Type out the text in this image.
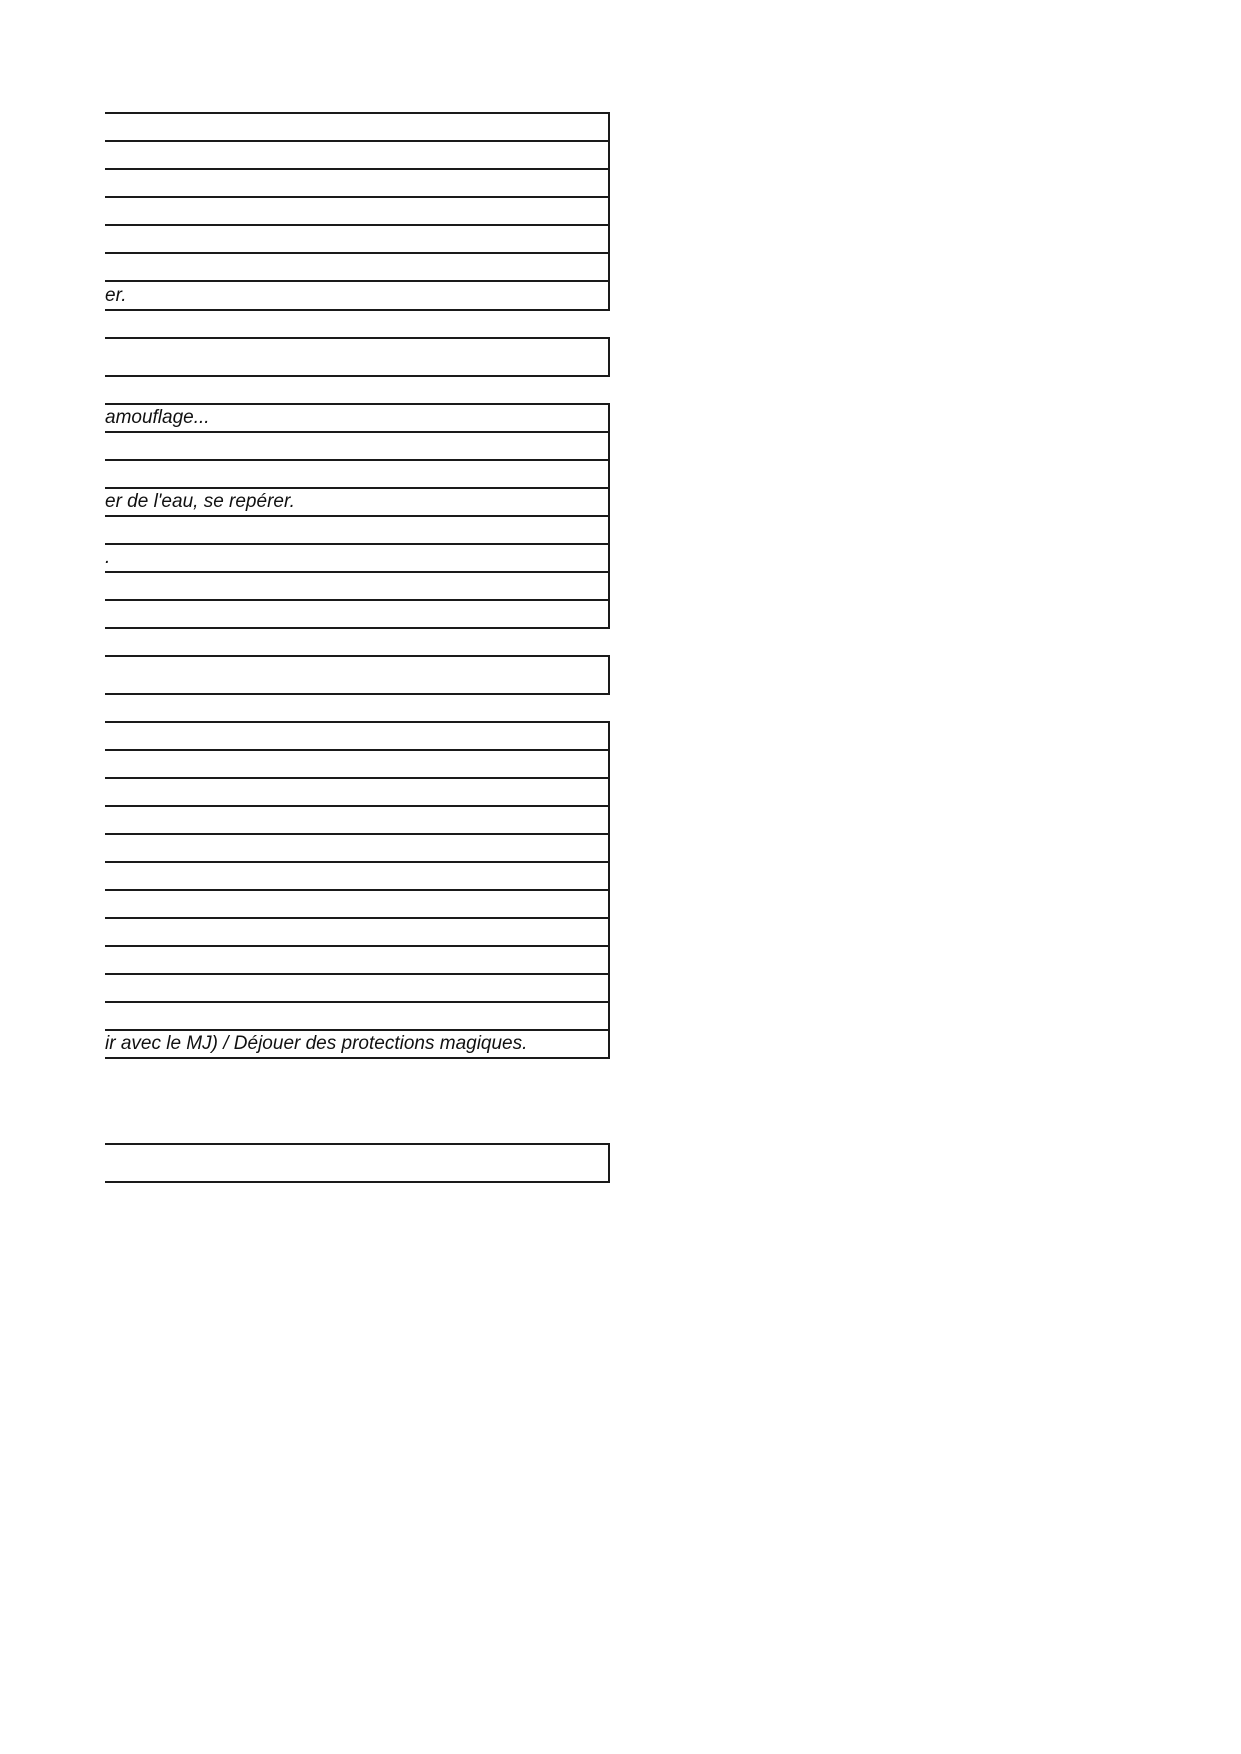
er.
amouflage...
er de l'eau, se repérer.
.
ir avec le MJ) / Déjouer des protections magiques.
